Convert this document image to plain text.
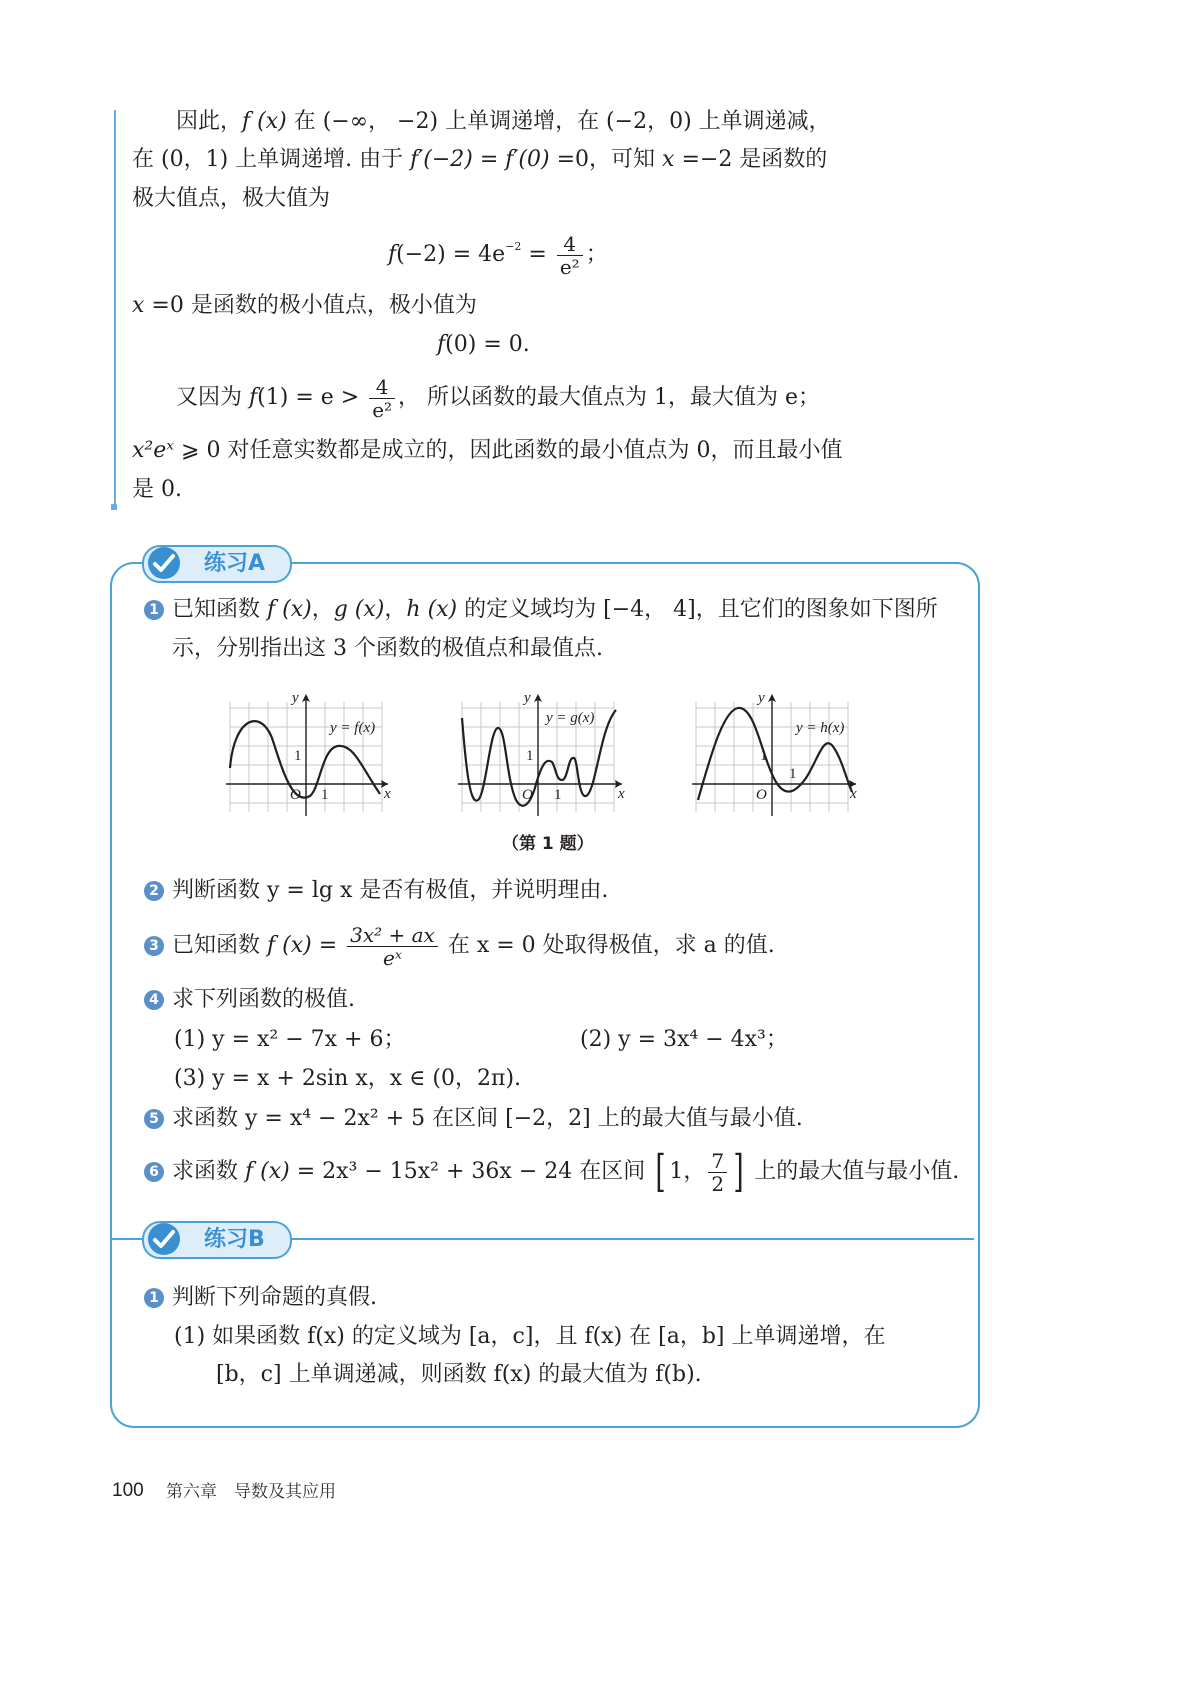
因此，f (x) 在 (−∞， −2) 上单调递增，在 (−2，0) 上单调递减，
在 (0，1) 上单调递增. 由于 f′(−2) = f′(0) =0，可知 x =−2 是函数的
极大值点，极大值为
$f(-2) = 4e^{-2} = \frac{4}{\text{e²}}$ ；
x =0 是函数的极小值点，极小值为
f(0) = 0.
又因为 $f(1) = e > \frac{4}{\text{e²}}$ ， 所以函数的最大值点为 1，最大值为 e；
x²eˣ ⩾ 0 对任意实数都是成立的，因此函数的最小值点为 0，而且最小值
是 0.
练习A
1 已知函数 f (x)，g (x)，h (x) 的定义域均为 [−4， 4]，且它们的图象如下图所
示，分别指出这 3 个函数的极值点和最值点.
y
x
y = f(x)
1
1
O
y
x
y = g(x)
1
1
O
y
x
y = h(x)
1
1
O
（第 1 题）
2 判断函数 y = lg x 是否有极值，并说明理由.
3 已知函数 f $(x) = \frac{\text{3x² + ax}}{\text{eˣ}}$ 在 x = 0 处取得极值，求 a 的值.
4 求下列函数的极值.
(1) y = x² − 7x + 6；	(2) y = 3x⁴ − 4x³；
(3) y = x + 2sin x，x ∈ (0，2π).
5 求函数 y = x⁴ − 2x² + 5 在区间 [−2，2] 上的最大值与最小值.
6 求函数 f (x) = 2x³ − 15x² + 36x − 24 在区间 [ 1， $\frac{7}{2}$ ] 上的最大值与最小值.
练习B
1 判断下列命题的真假.
(1) 如果函数 f(x) 的定义域为 [a，c]，且 f(x) 在 [a，b] 上单调递增，在
[b，c] 上单调递减，则函数 f(x) 的最大值为 f(b).
100 第六章　导数及其应用
